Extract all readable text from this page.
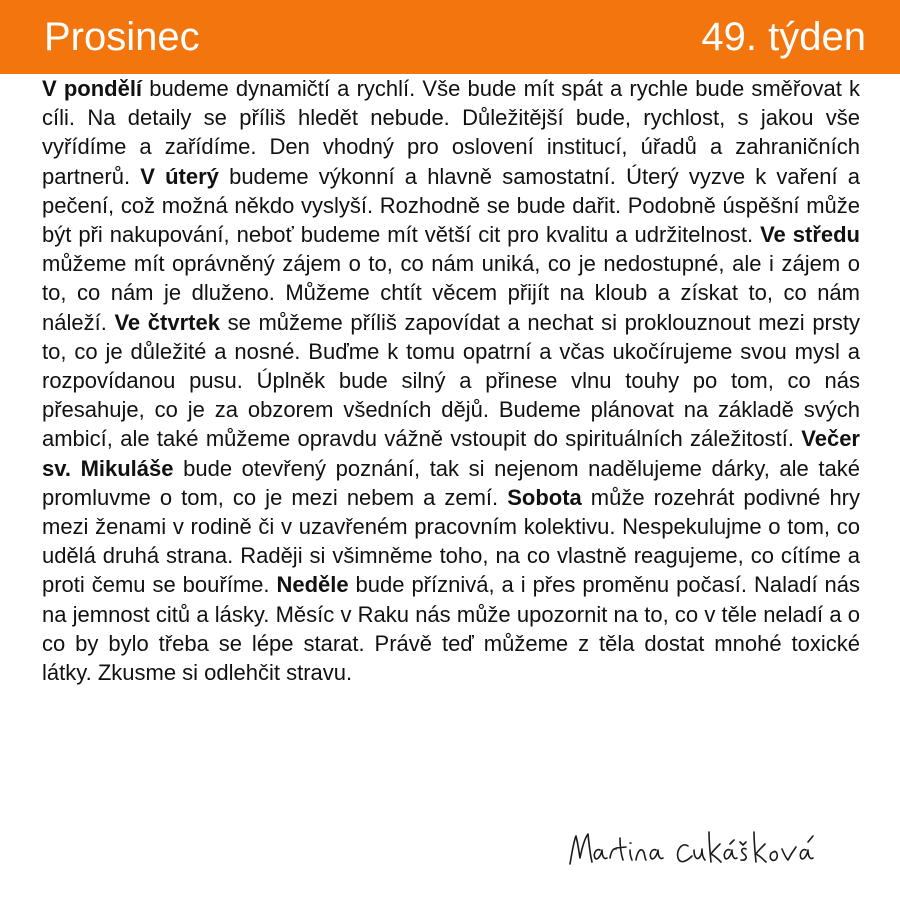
Prosinec	49. týden

V pondělí budeme dynamičtí a rychlí. Vše bude mít spát a rychle bude směřovat k cíli. Na detaily se příliš hledět nebude. Důležitější bude, rychlost, s jakou vše vyřídíme a zařídíme. Den vhodný pro oslovení institucí, úřadů a zahraničních partnerů. V úterý budeme výkonní a hlavně samostatní. Úterý vyzve k vaření a pečení, což možná někdo vyslyší. Rozhodně se bude dařit. Podobně úspěšní může být při nakupování, neboť budeme mít větší cit pro kvalitu a udržitelnost. Ve středu můžeme mít oprávněný zájem o to, co nám uniká, co je nedostupné, ale i zájem o to, co nám je dluženo. Můžeme chtít věcem přijít na kloub a získat to, co nám náleží. Ve čtvrtek se můžeme příliš zapovídat a nechat si proklouznout mezi prsty to, co je důležité a nosné. Buďme k tomu opatrní a včas ukočírujeme svou mysl a rozpovídanou pusu. Úplněk bude silný a přinese vlnu touhy po tom, co nás přesahuje, co je za obzorem všedních dějů. Budeme plánovat na základě svých ambicí, ale také můžeme opravdu vážně vstoupit do spirituálních záležitostí. Večer sv. Mikuláše bude otevřený poznání, tak si nejenom nadělujeme dárky, ale také promluvme o tom, co je mezi nebem a zemí. Sobota může rozehrát podivné hry mezi ženami v rodině či v uzavřeném pracovním kolektivu. Nespekulujme o tom, co udělá druhá strana. Raději si všimněme toho, na co vlastně reagujeme, co cítíme a proti čemu se bouříme. Neděle bude příznivá, a i přes proměnu počasí. Naladí nás na jemnost citů a lásky. Měsíc v Raku nás může upozornit na to, co v těle neladí a o co by bylo třeba se lépe starat. Právě teď můžeme z těla dostat mnohé toxické látky. Zkusme si odlehčit stravu.
